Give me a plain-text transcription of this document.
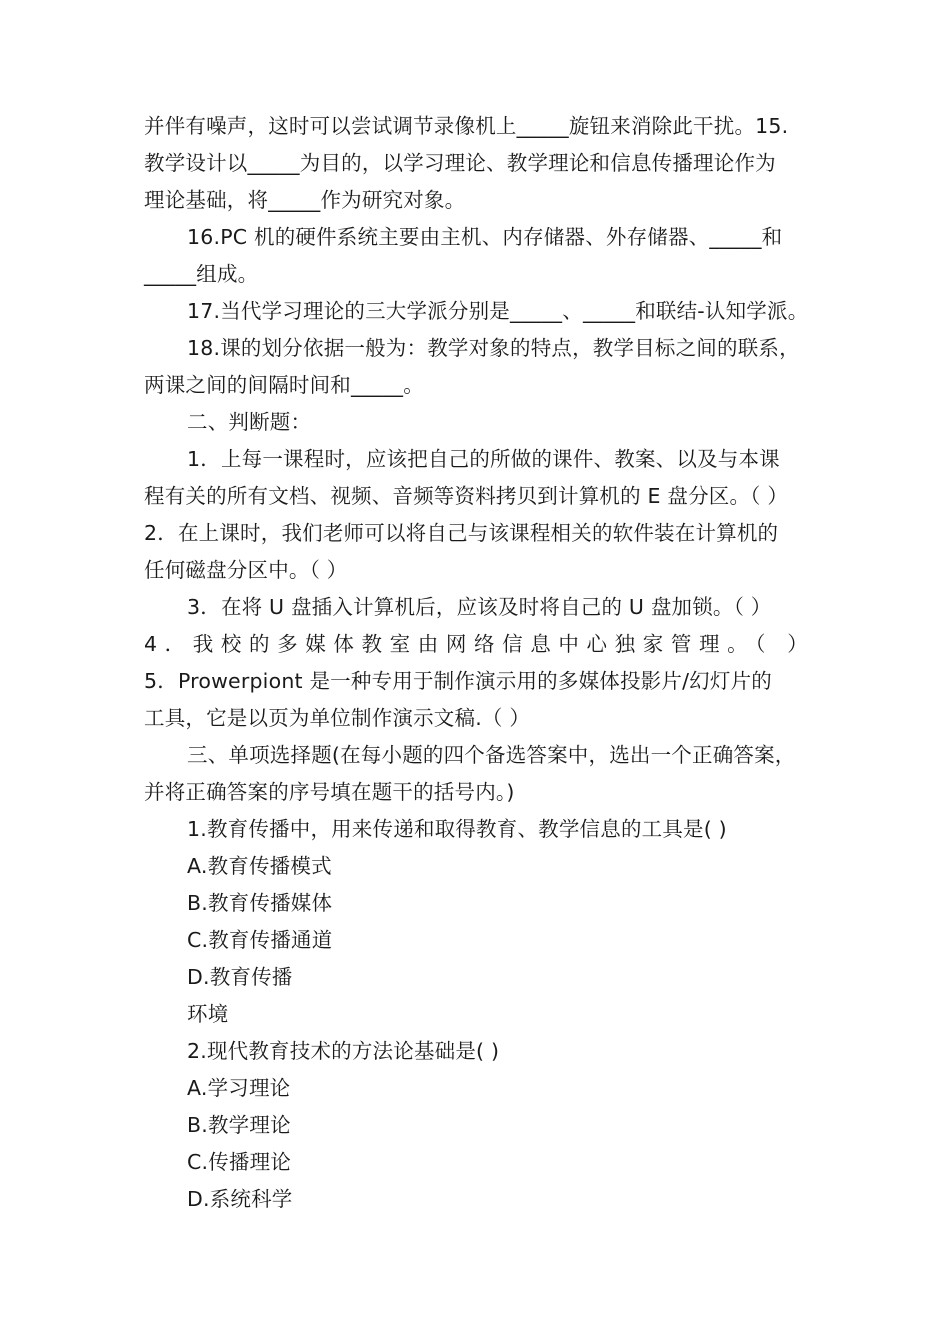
并伴有噪声，这时可以尝试调节录像机上_____旋钮来消除此干扰。15.
教学设计以_____为目的，以学习理论、教学理论和信息传播理论作为
理论基础，将_____作为研究对象。
16.PC 机的硬件系统主要由主机、内存储器、外存储器、_____和
_____组成。
17.当代学习理论的三大学派分别是_____、_____和联结-认知学派。
18.课的划分依据一般为：教学对象的特点，教学目标之间的联系，
两课之间的间隔时间和_____。
二、判断题：
1．上每一课程时，应该把自己的所做的课件、教案、以及与本课
程有关的所有文档、视频、音频等资料拷贝到计算机的 E 盘分区。（ ）
2．在上课时，我们老师可以将自己与该课程相关的软件装在计算机的
任何磁盘分区中。（ ）
3．在将 U 盘插入计算机后，应该及时将自己的 U 盘加锁。（ ）
4．我校的多媒体教室由网络信息中心独家管理。（ ）
5．Prowerpiont 是一种专用于制作演示用的多媒体投影片/幻灯片的
工具，它是以页为单位制作演示文稿.（ ）
三、单项选择题(在每小题的四个备选答案中，选出一个正确答案，
并将正确答案的序号填在题干的括号内。)
1.教育传播中，用来传递和取得教育、教学信息的工具是( )
A.教育传播模式
B.教育传播媒体
C.教育传播通道
D.教育传播
环境
2.现代教育技术的方法论基础是( )
A.学习理论
B.教学理论
C.传播理论
D.系统科学
